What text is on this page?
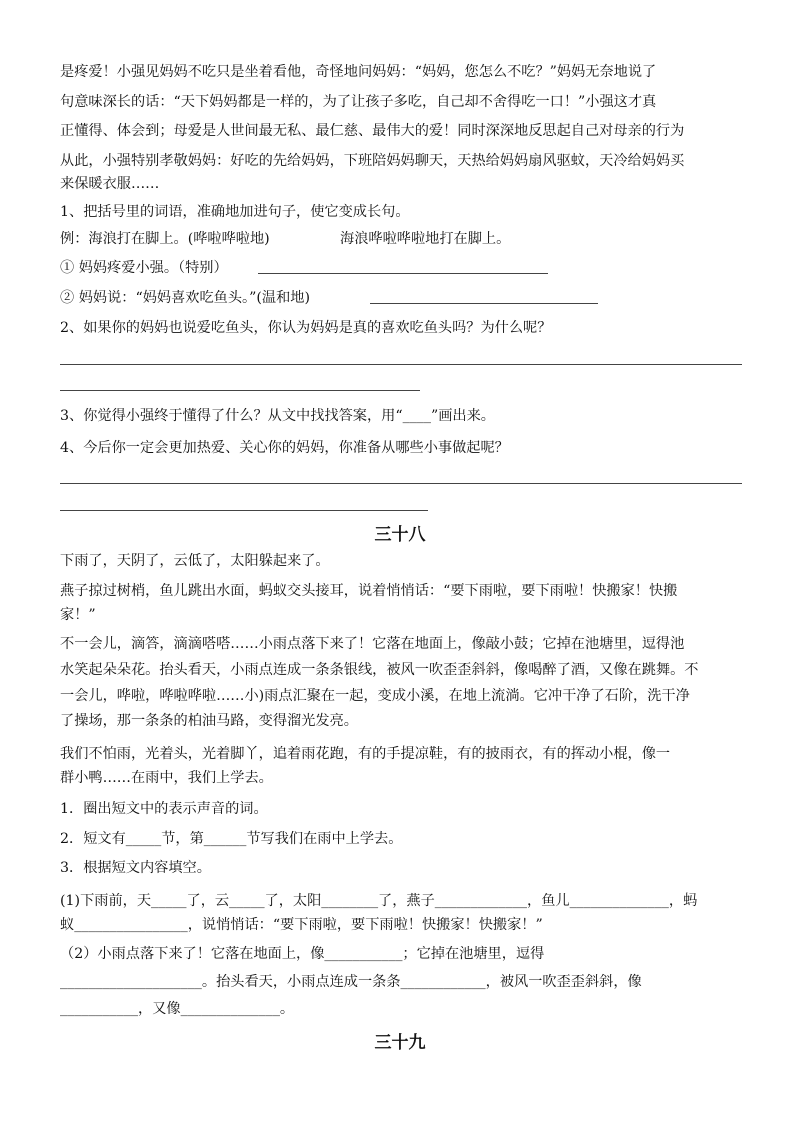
是疼爱！小强见妈妈不吃只是坐着看他，奇怪地问妈妈：“妈妈，您怎么不吃？”妈妈无奈地说了
句意味深长的话：“天下妈妈都是一样的，为了让孩子多吃，自己却不舍得吃一口！”小强这才真
正懂得、体会到；母爱是人世间最无私、最仁慈、最伟大的爱！同时深深地反思起自己对母亲的行为
从此，小强特别孝敬妈妈：好吃的先给妈妈，下班陪妈妈聊天，天热给妈妈扇风驱蚊，天冷给妈妈买
来保暖衣服……
1、把括号里的词语，准确地加进句子，使它变成长句。
例：海浪打在脚上。(哗啦哗啦地)	海浪哗啦哗啦地打在脚上。
① 妈妈疼爱小强。（特别）
② 妈妈说：“妈妈喜欢吃鱼头。”(温和地)
2、如果你的妈妈也说爱吃鱼头，你认为妈妈是真的喜欢吃鱼头吗？为什么呢？
3、你觉得小强终于懂得了什么？从文中找找答案，用“____”画出来。
4、今后你一定会更加热爱、关心你的妈妈，你准备从哪些小事做起呢？
三十八
下雨了，天阴了，云低了，太阳躲起来了。
燕子掠过树梢，鱼儿跳出水面，蚂蚁交头接耳，说着悄悄话：“要下雨啦，要下雨啦！快搬家！快搬
家！”
不一会儿，滴答，滴滴嗒嗒……小雨点落下来了！它落在地面上，像敲小鼓；它掉在池塘里，逗得池
水笑起朵朵花。抬头看天，小雨点连成一条条银线，被风一吹歪歪斜斜，像喝醉了酒，又像在跳舞。不
一会儿，哗啦，哗啦哗啦……小)雨点汇聚在一起，变成小溪，在地上流淌。它冲干净了石阶，洗干净
了操场，那一条条的柏油马路，变得溜光发亮。
我们不怕雨，光着头，光着脚丫，追着雨花跑，有的手提凉鞋，有的披雨衣，有的挥动小棍，像一
群小鸭……在雨中，我们上学去。
1．圈出短文中的表示声音的词。
2．短文有_____节，第______节写我们在雨中上学去。
3．根据短文内容填空。
(1)下雨前，天_____了，云_____了，太阳________了，燕子_____________，鱼儿______________，蚂
蚁________________，说悄悄话：“要下雨啦，要下雨啦！快搬家！快搬家！”
（2）小雨点落下来了！它落在地面上，像___________；它掉在池塘里，逗得
____________________。抬头看天，小雨点连成一条条____________，被风一吹歪歪斜斜，像
___________，又像______________。
三十九
